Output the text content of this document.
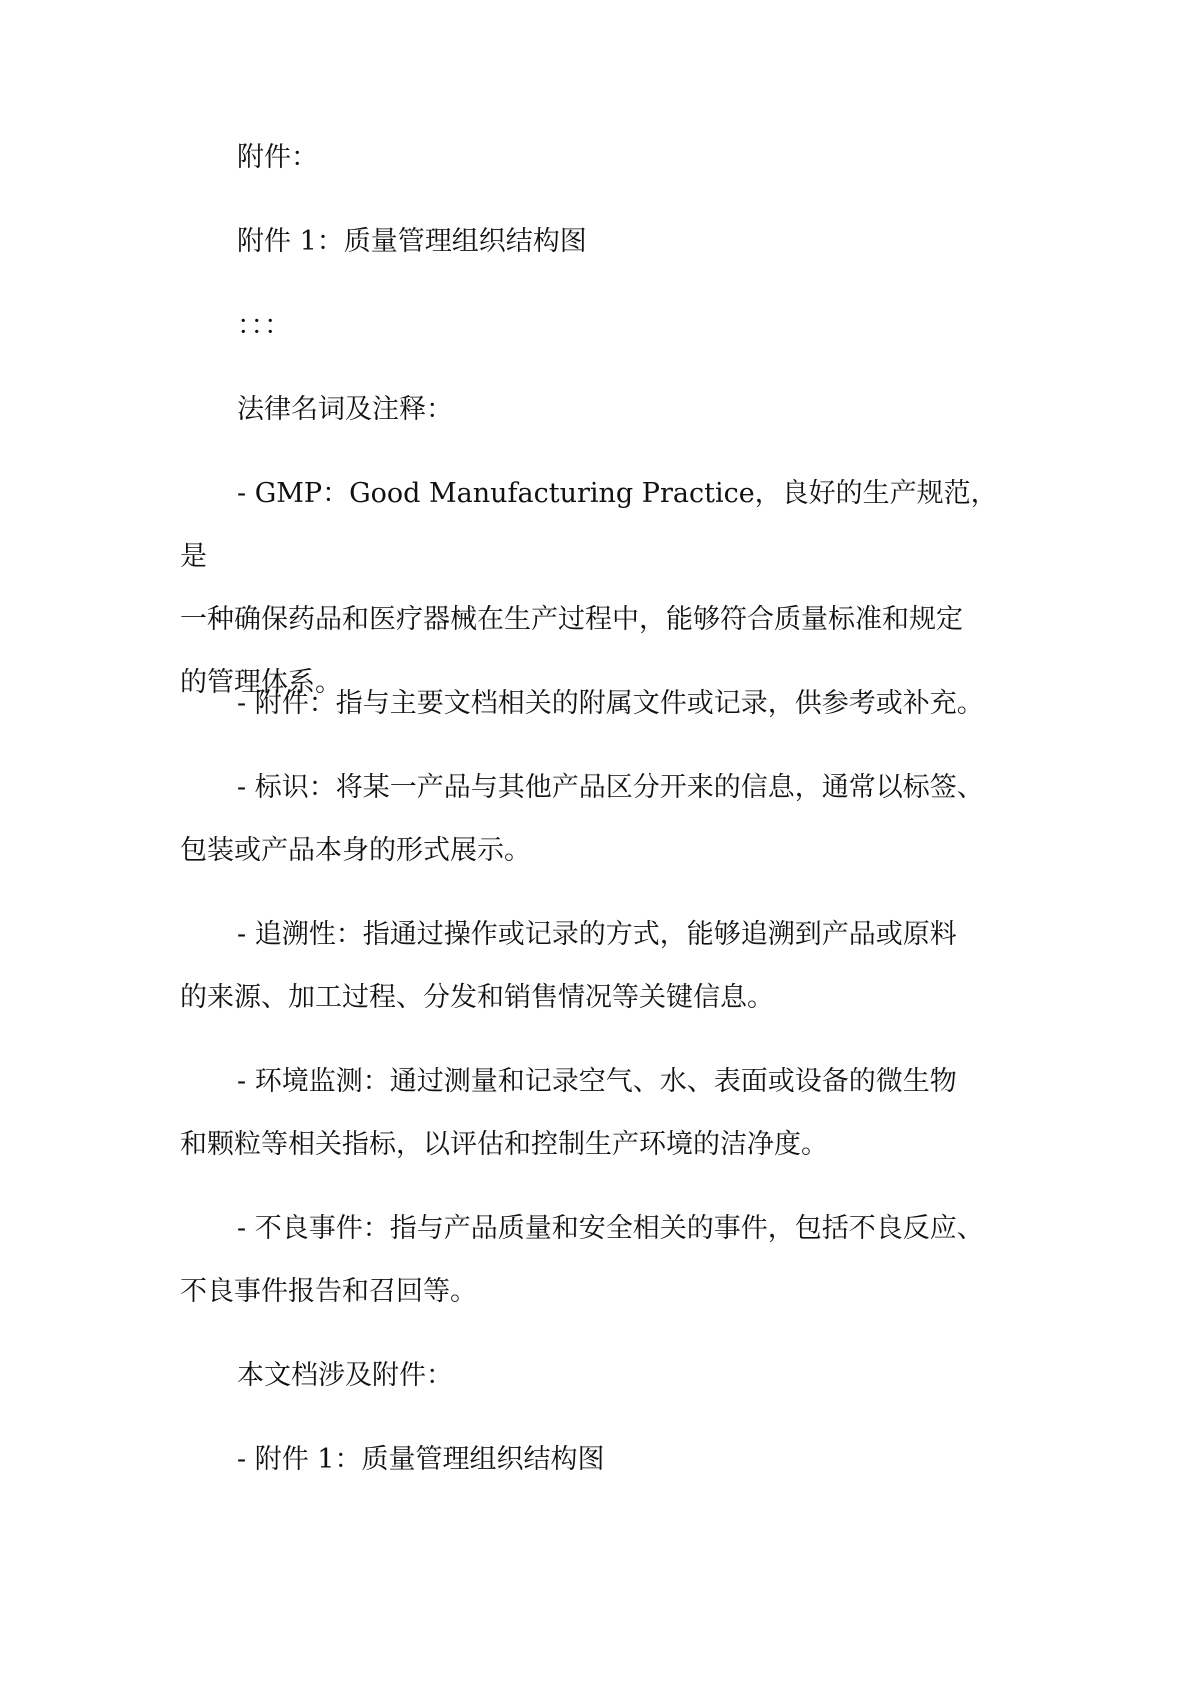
附件：

附件 1：质量管理组织结构图

：：：

法律名词及注释：

- GMP：Good Manufacturing Practice，良好的生产规范，是
一种确保药品和医疗器械在生产过程中，能够符合质量标准和规定
的管理体系。

- 附件：指与主要文档相关的附属文件或记录，供参考或补充。

- 标识：将某一产品与其他产品区分开来的信息，通常以标签、
包装或产品本身的形式展示。

- 追溯性：指通过操作或记录的方式，能够追溯到产品或原料
的来源、加工过程、分发和销售情况等关键信息。

- 环境监测：通过测量和记录空气、水、表面或设备的微生物
和颗粒等相关指标，以评估和控制生产环境的洁净度。

- 不良事件：指与产品质量和安全相关的事件，包括不良反应、
不良事件报告和召回等。

本文档涉及附件：

- 附件 1：质量管理组织结构图
